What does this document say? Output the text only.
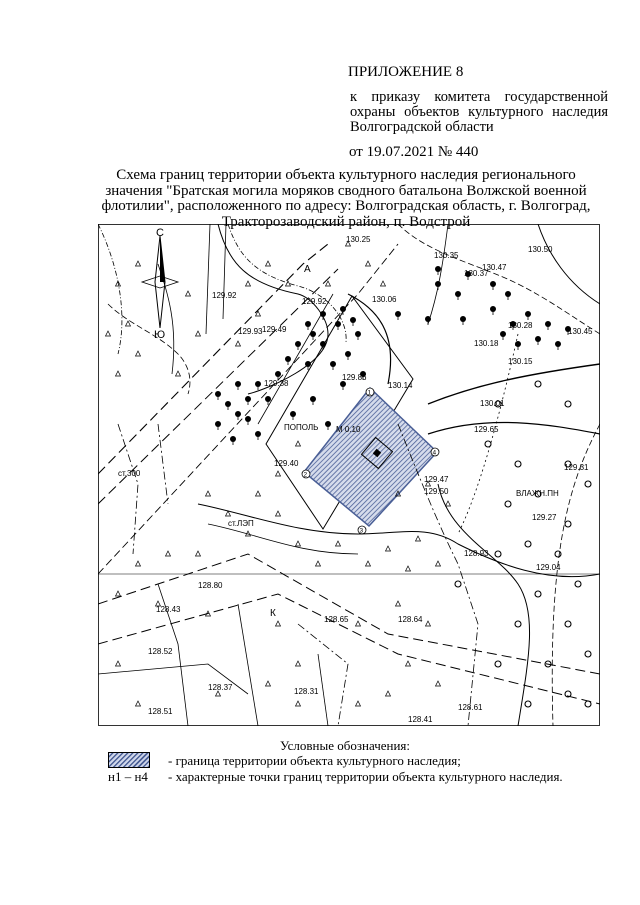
ПРИЛОЖЕНИЕ 8
к приказу комитета государственной
охраны объектов культурного наследия
Волгоградской области
от 19.07.2021 № 440
Схема границ территории объекта культурного наследия регионального
значения "Братская могила моряков сводного батальона Волжской военной
флотилии", расположенного по адресу: Волгоградская область, г. Волгоград,
Тракторозаводский район, п. Водстрой
1
4
3
2
С
Ю
130.25
130.35
130.50
130.47
130.37
130.06
129.92
129.86
130.14
130.01
129.65
129.47
129.50
129.31
129.27
129.04
128.93
128.80
128.65	128.64
128.61
128.41
129.49
129.38
129.40
130.15
130.18
130.28
130.45
129.92
129.93
128.43
128.52
128.37
128.51
128.31
ПОПОЛЬ М 0.10
ВЛАЖН.ПН
ст.ЛЭП
А
К
ст.300
Условные обозначения:
- граница территории объекта культурного наследия;
н1 – н4 - характерные точки границ территории объекта культурного наследия.
